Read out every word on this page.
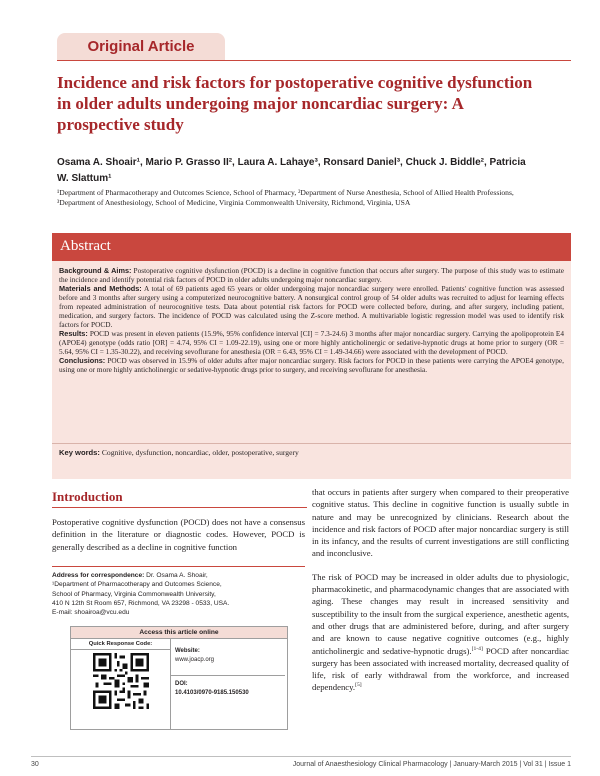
Original Article
Incidence and risk factors for postoperative cognitive dysfunction in older adults undergoing major noncardiac surgery: A prospective study
Osama A. Shoair¹, Mario P. Grasso II², Laura A. Lahaye³, Ronsard Daniel³, Chuck J. Biddle², Patricia W. Slattum¹
¹Department of Pharmacotherapy and Outcomes Science, School of Pharmacy, ²Department of Nurse Anesthesia, School of Allied Health Professions, ³Department of Anesthesiology, School of Medicine, Virginia Commonwealth University, Richmond, Virginia, USA
Abstract

Background & Aims: Postoperative cognitive dysfunction (POCD) is a decline in cognitive function that occurs after surgery. The purpose of this study was to estimate the incidence and identify potential risk factors of POCD in older adults undergoing major noncardiac surgery.

Materials and Methods: A total of 69 patients aged 65 years or older undergoing major noncardiac surgery were enrolled. Patients' cognitive function was assessed before and 3 months after surgery using a computerized neurocognitive battery. A nonsurgical control group of 54 older adults was recruited to adjust for learning effects from repeated administration of neurocognitive tests. Data about potential risk factors for POCD were collected before, during, and after surgery, including patient, medication, and surgery factors. The incidence of POCD was calculated using the Z-score method. A multivariable logistic regression model was used to identify risk factors for POCD.

Results: POCD was present in eleven patients (15.9%, 95% confidence interval [CI] = 7.3-24.6) 3 months after major noncardiac surgery. Carrying the apolipoprotein E4 (APOE4) genotype (odds ratio [OR] = 4.74, 95% CI = 1.09-22.19), using one or more highly anticholinergic or sedative-hypnotic drugs at home prior to surgery (OR = 5.64, 95% CI = 1.35-30.22), and receiving sevoflurane for anesthesia (OR = 6.43, 95% CI = 1.49-34.66) were associated with the development of POCD.

Conclusions: POCD was observed in 15.9% of older adults after major noncardiac surgery. Risk factors for POCD in these patients were carrying the APOE4 genotype, using one or more highly anticholinergic or sedative-hypnotic drugs prior to surgery, and receiving sevoflurane for anesthesia.

Key words: Cognitive, dysfunction, noncardiac, older, postoperative, surgery
Introduction
Postoperative cognitive dysfunction (POCD) does not have a consensus definition in the literature or diagnostic codes. However, POCD is generally described as a decline in cognitive function

that occurs in patients after surgery when compared to their preoperative cognitive status. This decline in cognitive function is usually subtle in nature and may be unrecognized by clinicians. Research about the incidence and risk factors of POCD after major noncardiac surgery is still in its infancy, and the results of current investigations are still conflicting and inconclusive.

The risk of POCD may be increased in older adults due to physiologic, pharmacokinetic, and pharmacodynamic changes that are associated with aging. These changes may result in increased sensitivity and susceptibility to the insult from the surgical experience, anesthetic agents, and other drugs that are administered before, during, and after surgery and are known to cause negative cognitive outcomes (e.g., highly anticholinergic and sedative-hypnotic drugs).[1-4] POCD after noncardiac surgery has been associated with increased mortality, decreased quality of life, risk of early withdrawal from the workforce, and increased dependency.[5]

Address for correspondence: Dr. Osama A. Shoair,
¹Department of Pharmacotherapy and Outcomes Science,
School of Pharmacy, Virginia Commonwealth University,
410 N 12th St Room 657, Richmond, VA 23298 - 0533, USA.
E-mail: shoairoa@vcu.edu
Access this article online
Quick Response Code:
Website:
www.joacp.org
DOI:
10.4103/0970-9185.150530
30	Journal of Anaesthesiology Clinical Pharmacology | January-March 2015 | Vol 31 | Issue 1
